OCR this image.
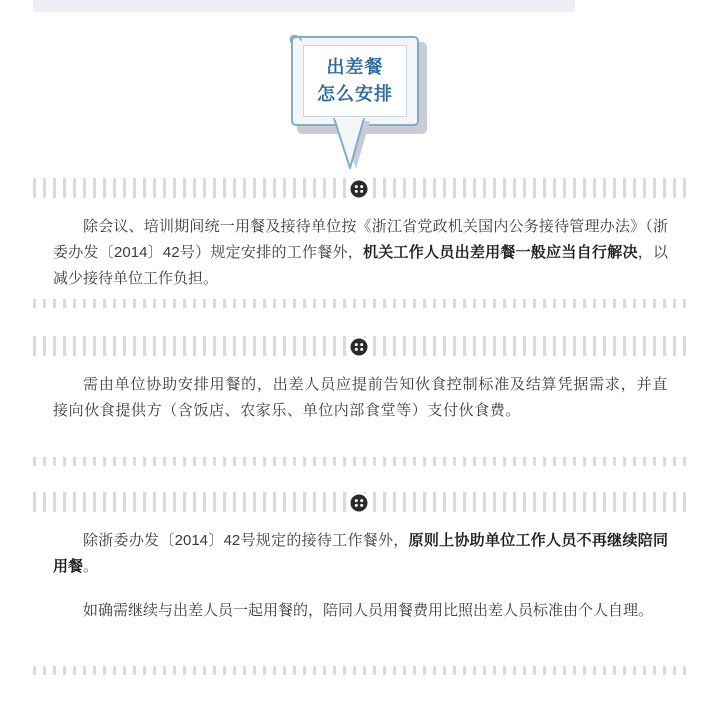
出差餐
怎么安排

除会议、培训期间统一用餐及接待单位按《浙江省党政机关国内公务接待管理办法》（浙委办发〔2014〕42号）规定安排的工作餐外，机关工作人员出差用餐一般应当自行解决，以减少接待单位工作负担。

需由单位协助安排用餐的，出差人员应提前告知伙食控制标准及结算凭据需求，并直接向伙食提供方（含饭店、农家乐、单位内部食堂等）支付伙食费。

除浙委办发〔2014〕42号规定的接待工作餐外，原则上协助单位工作人员不再继续陪同用餐。

如确需继续与出差人员一起用餐的，陪同人员用餐费用比照出差人员标准由个人自理。
